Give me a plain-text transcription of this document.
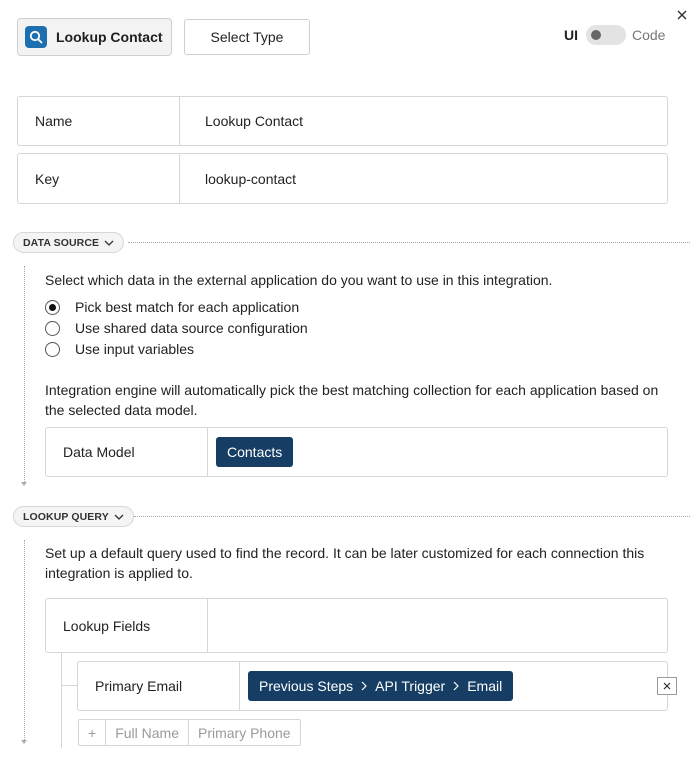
Lookup Contact	Select Type	UI	Code
Name	Lookup Contact
Key	lookup-contact
DATA SOURCE
Select which data in the external application do you want to use in this integration.
Pick best match for each application
Use shared data source configuration
Use input variables
Integration engine will automatically pick the best matching collection for each application based on the selected data model.
Data Model	Contacts
LOOKUP QUERY
Set up a default query used to find the record. It can be later customized for each connection this integration is applied to.
Lookup Fields
Primary Email	Previous Steps API Trigger Email
+	Full Name	Primary Phone
